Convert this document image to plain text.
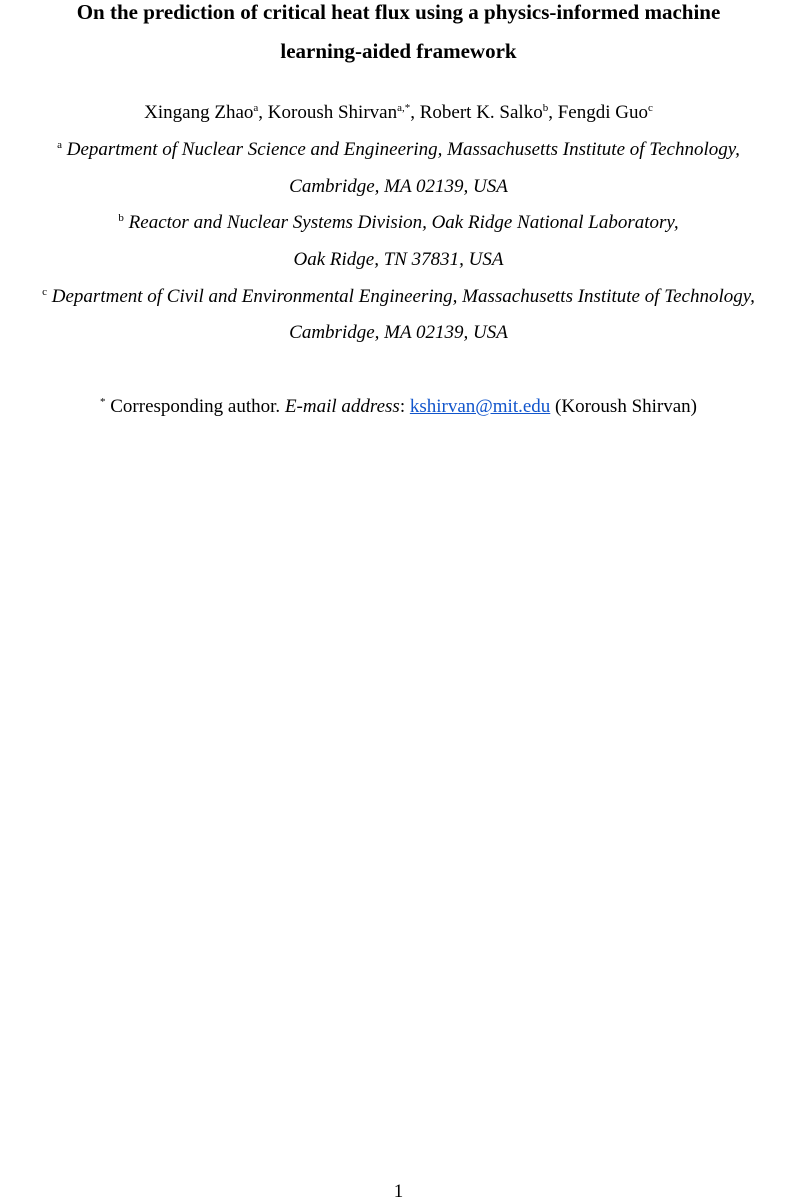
On the prediction of critical heat flux using a physics-informed machine
learning-aided framework
Xingang Zhao$^a$, Koroush Shirvan$^{a,*}$, Robert K. Salko$^b$, Fengdi Guo$^c$
$^a$ Department of Nuclear Science and Engineering, Massachusetts Institute of Technology,
Cambridge, MA 02139, USA
$^b$ Reactor and Nuclear Systems Division, Oak Ridge National Laboratory,
Oak Ridge, TN 37831, USA
$^c$ Department of Civil and Environmental Engineering, Massachusetts Institute of Technology,
Cambridge, MA 02139, USA
* Corresponding author. E-mail address: kshirvan@mit.edu (Koroush Shirvan)
1
